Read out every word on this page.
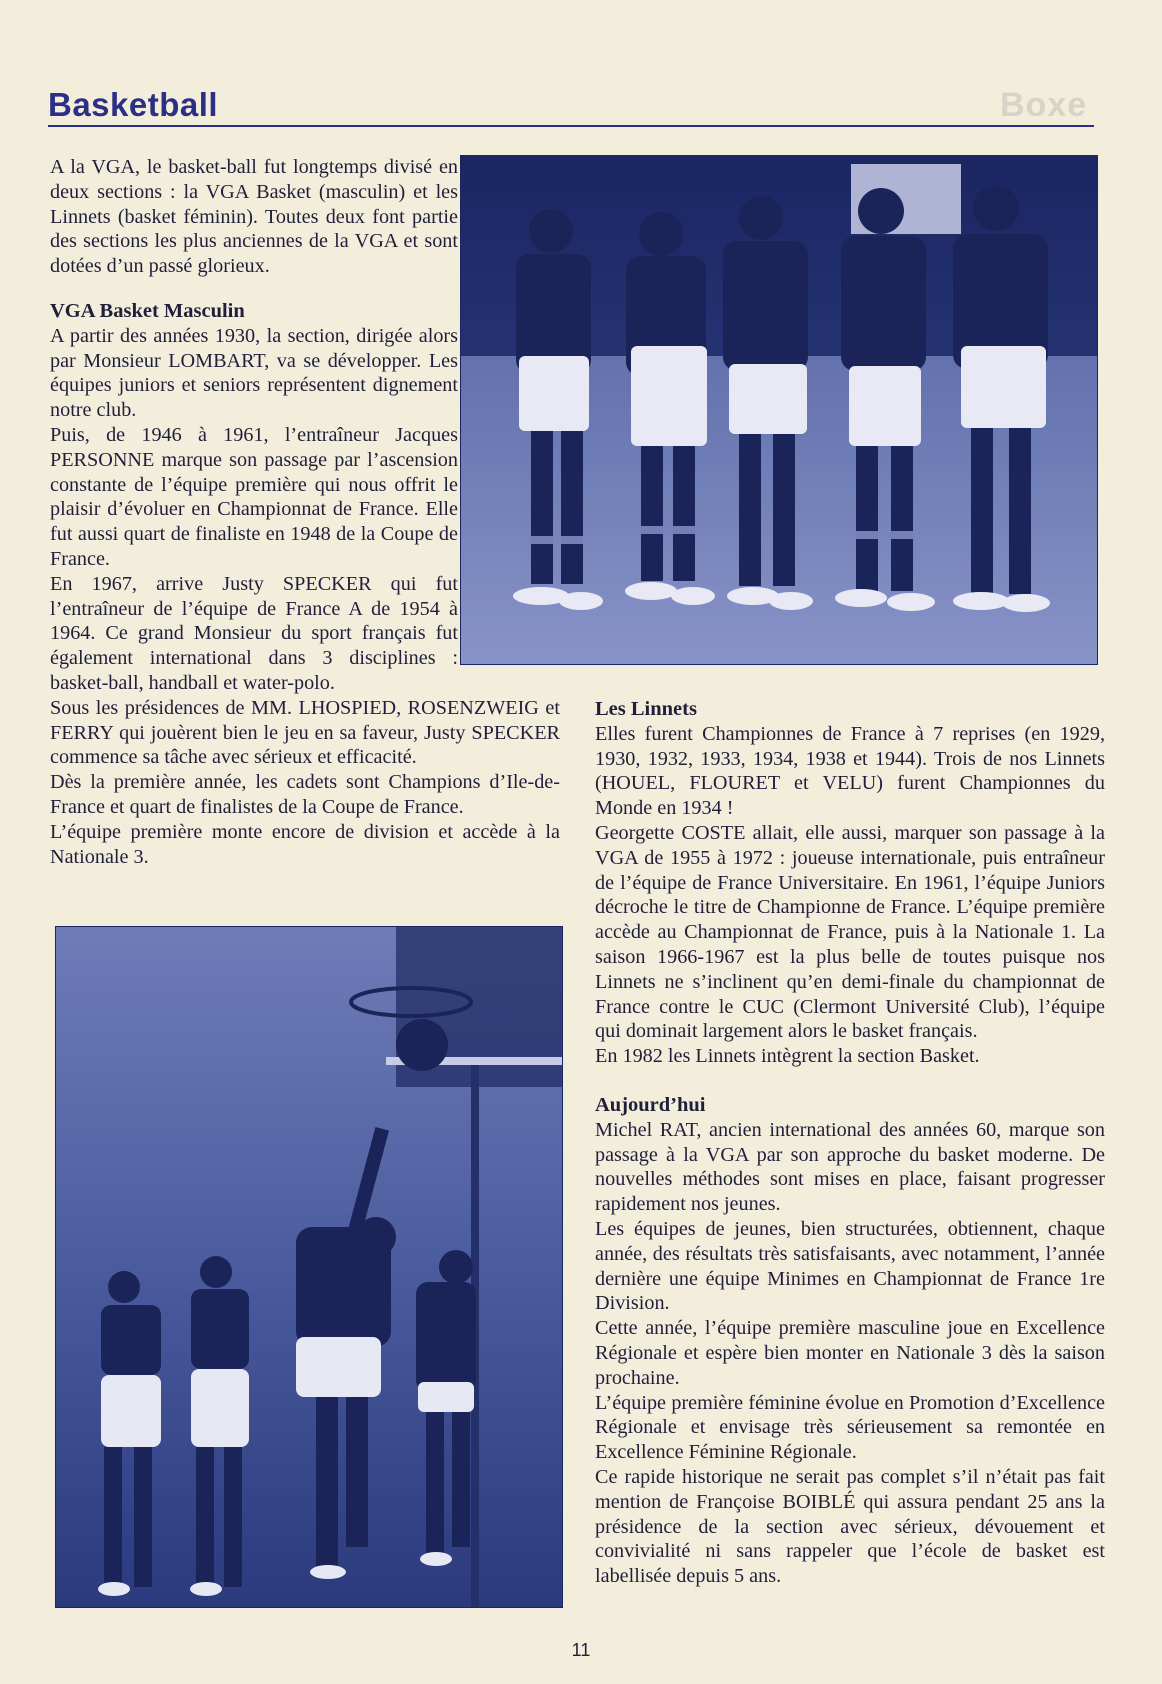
Boxe
Basketball

A la VGA, le basket-ball fut longtemps divisé en deux sections : la VGA Basket (masculin) et les Linnets (basket féminin). Toutes deux font partie des sections les plus anciennes de la VGA et sont dotées d’un passé glorieux.

VGA Basket Masculin

A partir des années 1930, la section, dirigée alors par Monsieur LOMBART, va se développer. Les équipes juniors et seniors représentent dignement notre club.

Puis, de 1946 à 1961, l’entraîneur Jacques PERSONNE marque son passage par l’ascension constante de l’équipe première qui nous offrit le plaisir d’évoluer en Championnat de France. Elle fut aussi quart de finaliste en 1948 de la Coupe de France.

En 1967, arrive Justy SPECKER qui fut l’entraîneur de l’équipe de France A de 1954 à 1964. Ce grand Monsieur du sport français fut également international dans 3 disciplines : basket-ball, handball et water-polo.

Sous les présidences de MM. LHOSPIED, ROSENZWEIG et FERRY qui jouèrent bien le jeu en sa faveur, Justy SPECKER commence sa tâche avec sérieux et efficacité.

Dès la première année, les cadets sont Champions d’Ile-de-France et quart de finalistes de la Coupe de France.

L’équipe première monte encore de division et accède à la Nationale 3.

Les Linnets

Elles furent Championnes de France à 7 reprises (en 1929, 1930, 1932, 1933, 1934, 1938 et 1944). Trois de nos Linnets (HOUEL, FLOURET et VELU) furent Championnes du Monde en 1934 !

Georgette COSTE allait, elle aussi, marquer son passage à la VGA de 1955 à 1972 : joueuse internationale, puis entraîneur de l’équipe de France Universitaire. En 1961, l’équipe Juniors décroche le titre de Championne de France. L’équipe première accède au Championnat de France, puis à la Nationale 1. La saison 1966-1967 est la plus belle de toutes puisque nos Linnets ne s’inclinent qu’en demi-finale du championnat de France contre le CUC (Clermont Université Club), l’équipe qui dominait largement alors le basket français.

En 1982 les Linnets intègrent la section Basket.

Aujourd’hui

Michel RAT, ancien international des années 60, marque son passage à la VGA par son approche du basket moderne. De nouvelles méthodes sont mises en place, faisant progresser rapidement nos jeunes.

Les équipes de jeunes, bien structurées, obtiennent, chaque année, des résultats très satisfaisants, avec notamment, l’année dernière une équipe Minimes en Championnat de France 1re Division.

Cette année, l’équipe première masculine joue en Excellence Régionale et espère bien monter en Nationale 3 dès la saison prochaine.

L’équipe première féminine évolue en Promotion d’Excellence Régionale et envisage très sérieusement sa remontée en Excellence Féminine Régionale.

Ce rapide historique ne serait pas complet s’il n’était pas fait mention de Françoise BOIBLÉ qui assura pendant 25 ans la présidence de la section avec sérieux, dévouement et convivialité ni sans rappeler que l’école de basket est labellisée depuis 5 ans.

11
